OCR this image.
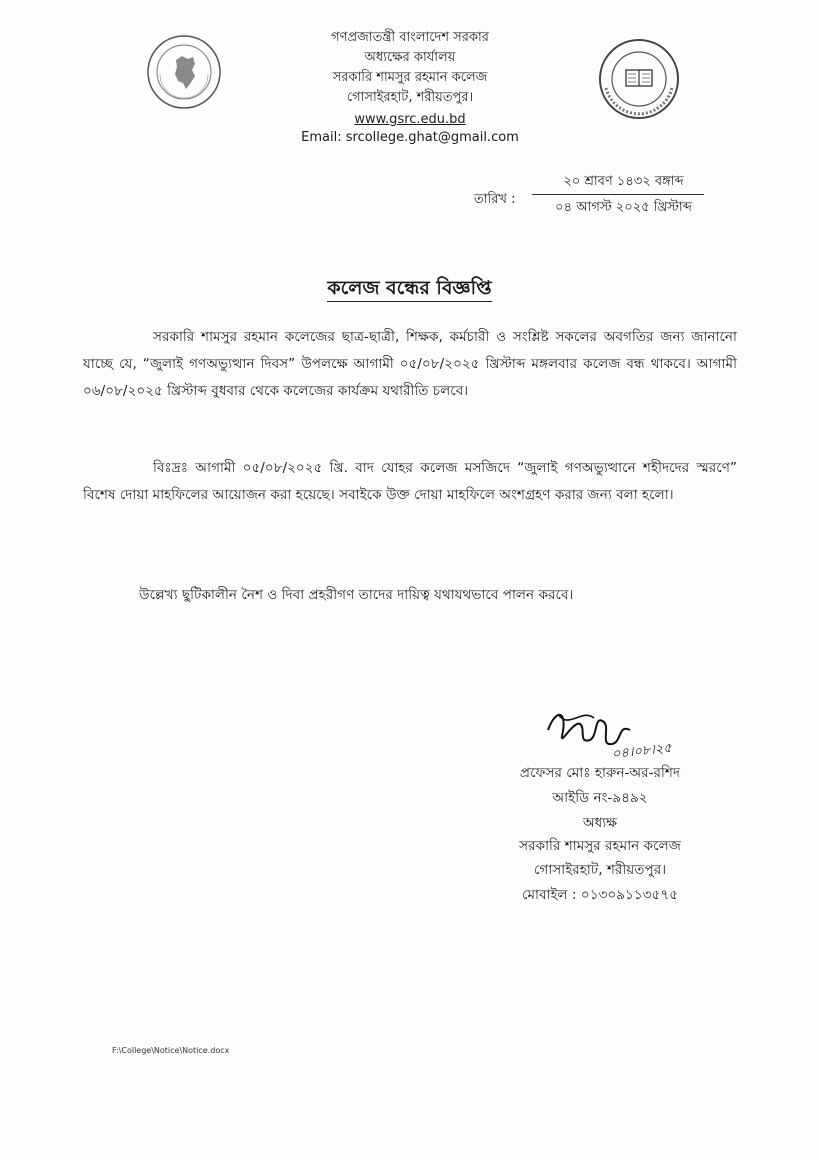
গণপ্রজাতন্ত্রী বাংলাদেশ সরকার
অধ্যক্ষের কার্যালয়
সরকারি শামসুর রহমান কলেজ
গোসাইরহাট, শরীয়তপুর।
www.gsrc.edu.bd
Email: srcollege.ghat@gmail.com
তারিখ :
২০ শ্রাবণ ১৪৩২ বঙ্গাব্দ
০৪ আগস্ট ২০২৫ খ্রিস্টাব্দ
কলেজ বন্ধের বিজ্ঞপ্তি
সরকারি শামসুর রহমান কলেজের ছাত্র-ছাত্রী, শিক্ষক, কর্মচারী ও সংশ্লিষ্ট সকলের অবগতির জন্য জানানো যাচ্ছে যে, “জুলাই গণঅভ্যুত্থান দিবস” উপলক্ষে আগামী ০৫/০৮/২০২৫ খ্রিস্টাব্দ মঙ্গলবার কলেজ বন্ধ থাকবে। আগামী ০৬/০৮/২০২৫ খ্রিস্টাব্দ বুধবার থেকে কলেজের কার্যক্রম যথারীতি চলবে।
বিঃদ্রঃ আগামী ০৫/০৮/২০২৫ খ্রি. বাদ যোহর কলেজ মসজিদে “জুলাই গণঅভ্যুত্থানে শহীদদের স্মরণে” বিশেষ দোয়া মাহফিলের আয়োজন করা হয়েছে। সবাইকে উক্ত দোয়া মাহফিলে অংশগ্রহণ করার জন্য বলা হলো।
উল্লেখ্য ছুটিকালীন নৈশ ও দিবা প্রহরীগণ তাদের দায়িত্ব যথাযথভাবে পালন করবে।
০৪।০৮।২৫
প্রফেসর মোঃ হারুন-অর-রশিদ
আইডি নং-৯৪৯২
অধ্যক্ষ
সরকারি শামসুর রহমান কলেজ
গোসাইরহাট, শরীয়তপুর।
মোবাইল : ০১৩০৯১১৩৫৭৫
F:\College\Notice\Notice.docx
